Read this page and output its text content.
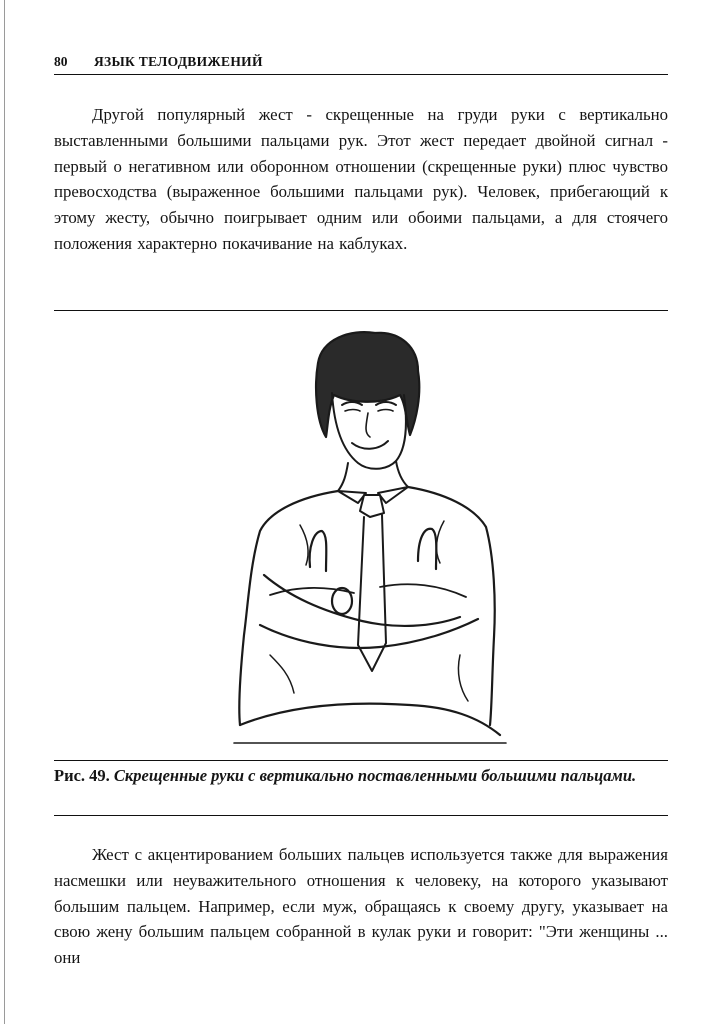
80 ЯЗЫК ТЕЛОДВИЖЕНИЙ

Другой популярный жест - скрещенные на груди руки с вертикально выставленными большими пальцами рук. Этот жест передает двойной сигнал - первый о негативном или оборонном отношении (скрещенные руки) плюс чувство превосходства (выраженное большими пальцами рук). Человек, прибегающий к этому жесту, обычно поигрывает одним или обоими пальцами, а для стоячего положения характерно покачивание на каблуках.

Рис. 49. Скрещенные руки с вертикально поставленными большими пальцами.

Жест с акцентированием больших пальцев используется также для выражения насмешки или неуважительного отношения к человеку, на которого указывают большим пальцем. Например, если муж, обращаясь к своему другу, указывает на свою жену большим пальцем собранной в кулак руки и говорит: "Эти женщины ... они
